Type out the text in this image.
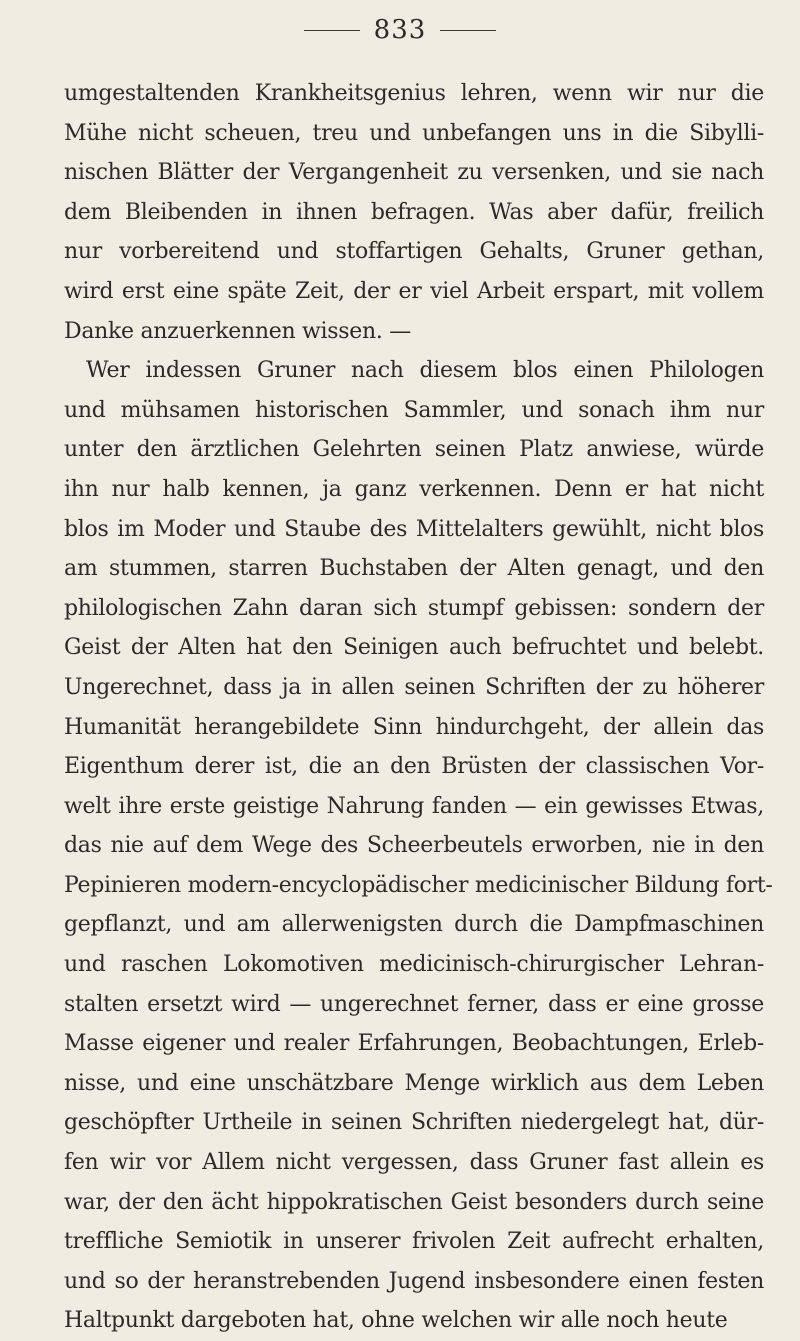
833
umgestaltenden Krankheitsgenius lehren, wenn wir nur die
Mühe nicht scheuen, treu und unbefangen uns in die Sibylli-
nischen Blätter der Vergangenheit zu versenken, und sie nach
dem Bleibenden in ihnen befragen. Was aber dafür, freilich
nur vorbereitend und stoffartigen Gehalts, Gruner gethan,
wird erst eine späte Zeit, der er viel Arbeit erspart, mit vollem
Danke anzuerkennen wissen. —
Wer indessen Gruner nach diesem blos einen Philologen
und mühsamen historischen Sammler, und sonach ihm nur
unter den ärztlichen Gelehrten seinen Platz anwiese, würde
ihn nur halb kennen, ja ganz verkennen. Denn er hat nicht
blos im Moder und Staube des Mittelalters gewühlt, nicht blos
am stummen, starren Buchstaben der Alten genagt, und den
philologischen Zahn daran sich stumpf gebissen: sondern der
Geist der Alten hat den Seinigen auch befruchtet und belebt.
Ungerechnet, dass ja in allen seinen Schriften der zu höherer
Humanität herangebildete Sinn hindurchgeht, der allein das
Eigenthum derer ist, die an den Brüsten der classischen Vor-
welt ihre erste geistige Nahrung fanden — ein gewisses Etwas,
das nie auf dem Wege des Scheerbeutels erworben, nie in den
Pepinieren modern-encyclopädischer medicinischer Bildung fort-
gepflanzt, und am allerwenigsten durch die Dampfmaschinen
und raschen Lokomotiven medicinisch-chirurgischer Lehran-
stalten ersetzt wird — ungerechnet ferner, dass er eine grosse
Masse eigener und realer Erfahrungen, Beobachtungen, Erleb-
nisse, und eine unschätzbare Menge wirklich aus dem Leben
geschöpfter Urtheile in seinen Schriften niedergelegt hat, dür-
fen wir vor Allem nicht vergessen, dass Gruner fast allein es
war, der den ächt hippokratischen Geist besonders durch seine
treffliche Semiotik in unserer frivolen Zeit aufrecht erhalten,
und so der heranstrebenden Jugend insbesondere einen festen
Haltpunkt dargeboten hat, ohne welchen wir alle noch heute
